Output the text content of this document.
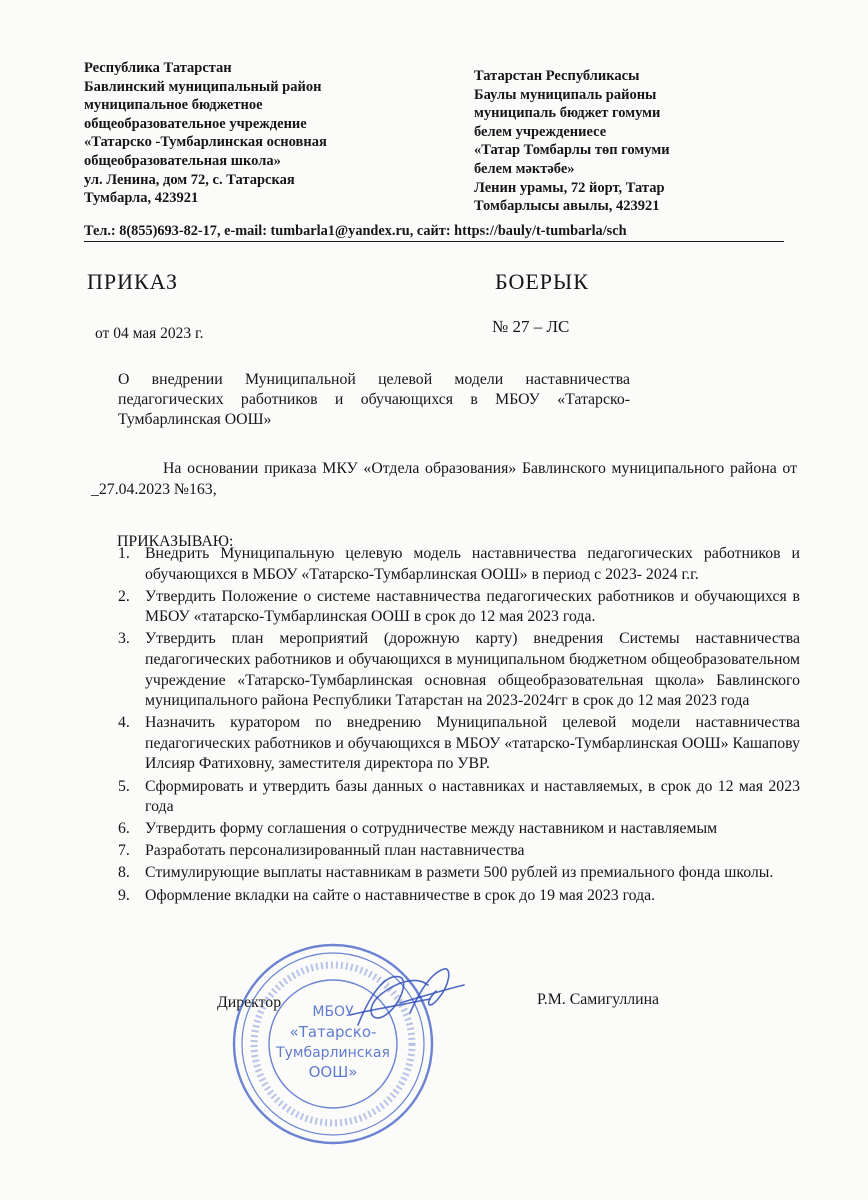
Республика Татарстан
Бавлинский муниципальный район
муниципальное бюджетное
общеобразовательное учреждение
«Татарско -Тумбарлинская основная
общеобразовательная школа»
ул. Ленина, дом 72, с. Татарская
Тумбарла, 423921
Татарстан Республикасы
Баулы муниципаль районы
муниципаль бюджет гомуми
белем учреждениесе
«Татар Томбарлы төп гомуми
белем мәктәбе»
Ленин урамы, 72 йорт, Татар
Томбарлысы авылы, 423921
Тел.: 8(855)693-82-17, e-mail: tumbarla1@yandex.ru, сайт: https://bauly/t-tumbarla/sch
ПРИКАЗ	БОЕРЫК
от 04 мая 2023 г.	№ 27 – ЛС
О внедрении Муниципальной целевой модели наставничества педагогических работников и обучающихся в МБОУ «Татарско-Тумбарлинская ООШ»
На основании приказа МКУ «Отдела образования» Бавлинского муниципального района от _27.04.2023 №163,
ПРИКАЗЫВАЮ:
1. Внедрить Муниципальную целевую модель наставничества педагогических работников и обучающихся в МБОУ «Татарско-Тумбарлинская ООШ» в период с 2023- 2024 г.г.
2. Утвердить Положение о системе наставничества педагогических работников и обучающихся в МБОУ «татарско-Тумбарлинская ООШ в срок до 12 мая 2023 года.
3. Утвердить план мероприятий (дорожную карту) внедрения Системы наставничества педагогических работников и обучающихся в муниципальном бюджетном общеобразовательном учреждение «Татарско-Тумбарлинская основная общеобразовательная щкола» Бавлинского муниципального района Республики Татарстан на 2023-2024гг в срок до 12 мая 2023 года
4. Назначить куратором по внедрению Муниципальной целевой модели наставничества педагогических работников и обучающихся в МБОУ «татарско-Тумбарлинская ООШ» Кашапову Илсияр Фатиховну, заместителя директора по УВР.
5. Сформировать и утвердить базы данных о наставниках и наставляемых, в срок до 12 мая 2023 года
6. Утвердить форму соглашения о сотрудничестве между наставником и наставляемым
7. Разработать персонализированный план наставничества
8. Стимулирующие выплаты наставникам в размети 500 рублей из премиального фонда школы.
9. Оформление вкладки на сайте о наставничестве в срок до 19 мая 2023 года.
Директор	Р.М. Самигуллина
МБОУ
«Татарско-
Тумбарлинская
ООШ»
